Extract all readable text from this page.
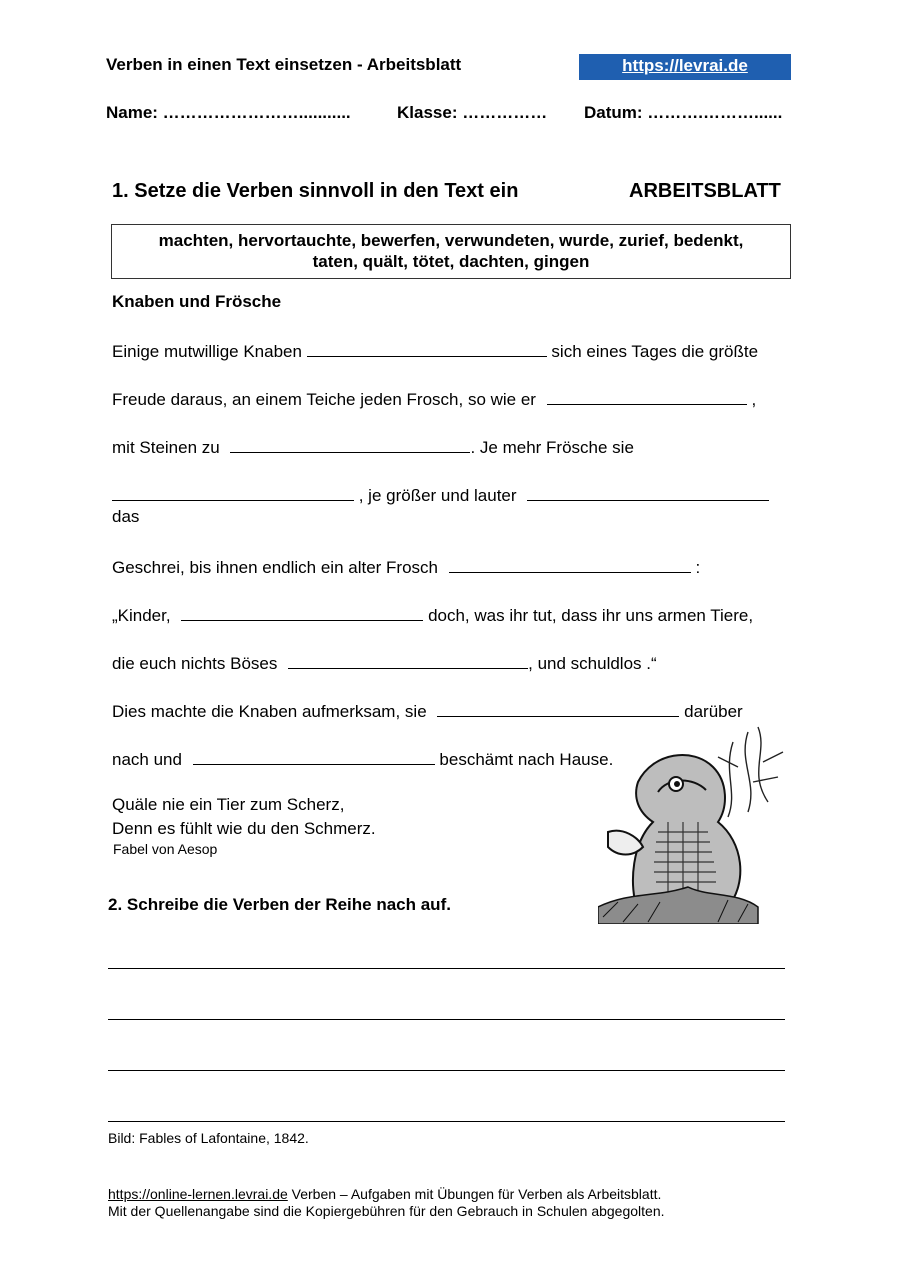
Verben in einen Text einsetzen - Arbeitsblatt	https://levrai.de
Name: ……………………...........	Klasse: …………… Datum: ……….………......
1. Setze die Verben sinnvoll in den Text ein	ARBEITSBLATT
machten, hervortauchte, bewerfen, verwundeten, wurde, zurief, bedenkt,
taten, quält, tötet, dachten, gingen
Knaben und Frösche
Einige mutwillige Knaben	sich eines Tages die größte
Freude daraus, an einem Teiche jeden Frosch, so wie er	,
mit Steinen zu	. Je mehr Frösche sie
, je größer und lauter
das
Geschrei, bis ihnen endlich ein alter Frosch	:
„Kinder,	doch, was ihr tut, dass ihr uns armen Tiere,
die euch nichts Böses	, und schuldlos .“
Dies machte die Knaben aufmerksam, sie	darüber
nach und	beschämt nach Hause.
Quäle nie ein Tier zum Scherz,
Denn es fühlt wie du den Schmerz.
Fabel von Aesop
2. Schreibe die Verben der Reihe nach auf.
Bild: Fables of Lafontaine, 1842.
https://online-lernen.levrai.de Verben – Aufgaben mit Übungen für Verben als Arbeitsblatt.
Mit der Quellenangabe sind die Kopiergebühren für den Gebrauch in Schulen abgegolten.
